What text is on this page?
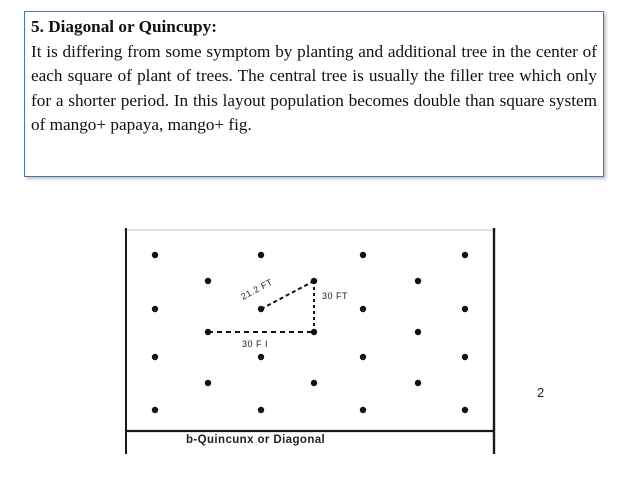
5. Diagonal or Quincupy:
It is differing from some symptom by planting and additional tree in the center of each square of plant of trees. The central tree is usually the filler tree which only for a shorter period. In this layout population becomes double than square system of mango+ papaya, mango+ fig.
21.2 FT	30 FT
30 F I
b-Quincunx or Diagonal
2
